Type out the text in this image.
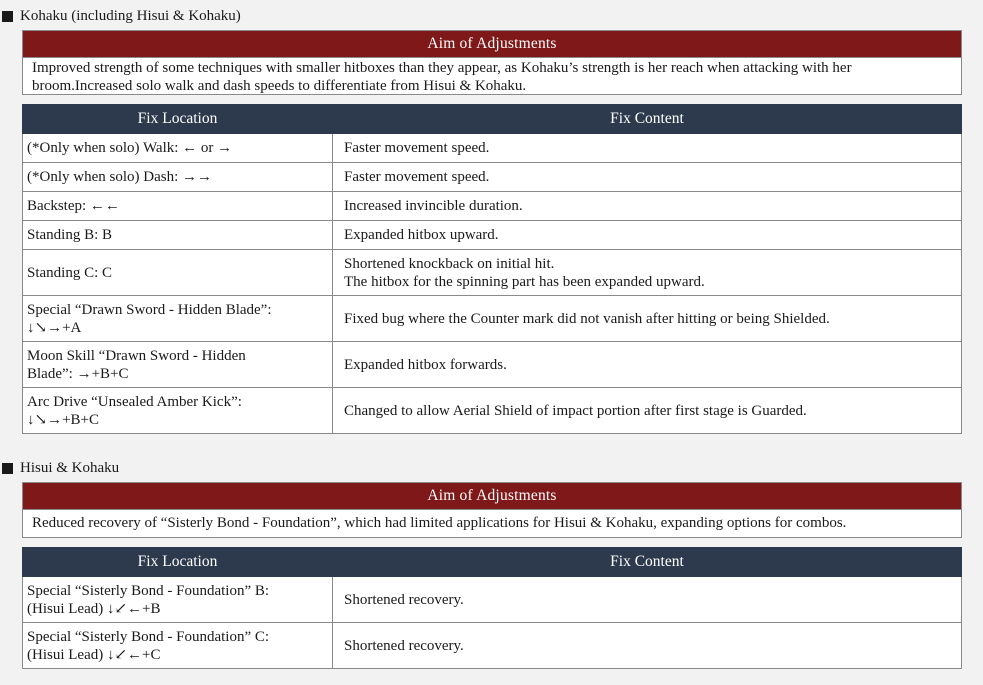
Kohaku (including Hisui & Kohaku)
Aim of Adjustments
Improved strength of some techniques with smaller hitboxes than they appear, as Kohaku’s strength is her reach when attacking with her broom.Increased solo walk and dash speeds to differentiate from Hisui & Kohaku.
Fix Location	Fix Content
(*Only when solo) Walk: ← or →	Faster movement speed.
(*Only when solo) Dash: →→	Faster movement speed.
Backstep: ←←	Increased invincible duration.
Standing B: B	Expanded hitbox upward.
Standing C: C	Shortened knockback on initial hit.
The hitbox for the spinning part has been expanded upward.

Special “Drawn Sword - Hidden Blade”:
↓↘→+A	Fixed bug where the Counter mark did not vanish after hitting or being Shielded.

Moon Skill “Drawn Sword - Hidden
Blade”: →+B+C	Expanded hitbox forwards.

Arc Drive “Unsealed Amber Kick”:
↓↘→+B+C	Changed to allow Aerial Shield of impact portion after first stage is Guarded.
Hisui & Kohaku
Aim of Adjustments
Reduced recovery of “Sisterly Bond - Foundation”, which had limited applications for Hisui & Kohaku, expanding options for combos.
Fix Location	Fix Content

Special “Sisterly Bond - Foundation” B:
(Hisui Lead) ↓↙←+B	Shortened recovery.

Special “Sisterly Bond - Foundation” C:
(Hisui Lead) ↓↙←+C	Shortened recovery.
